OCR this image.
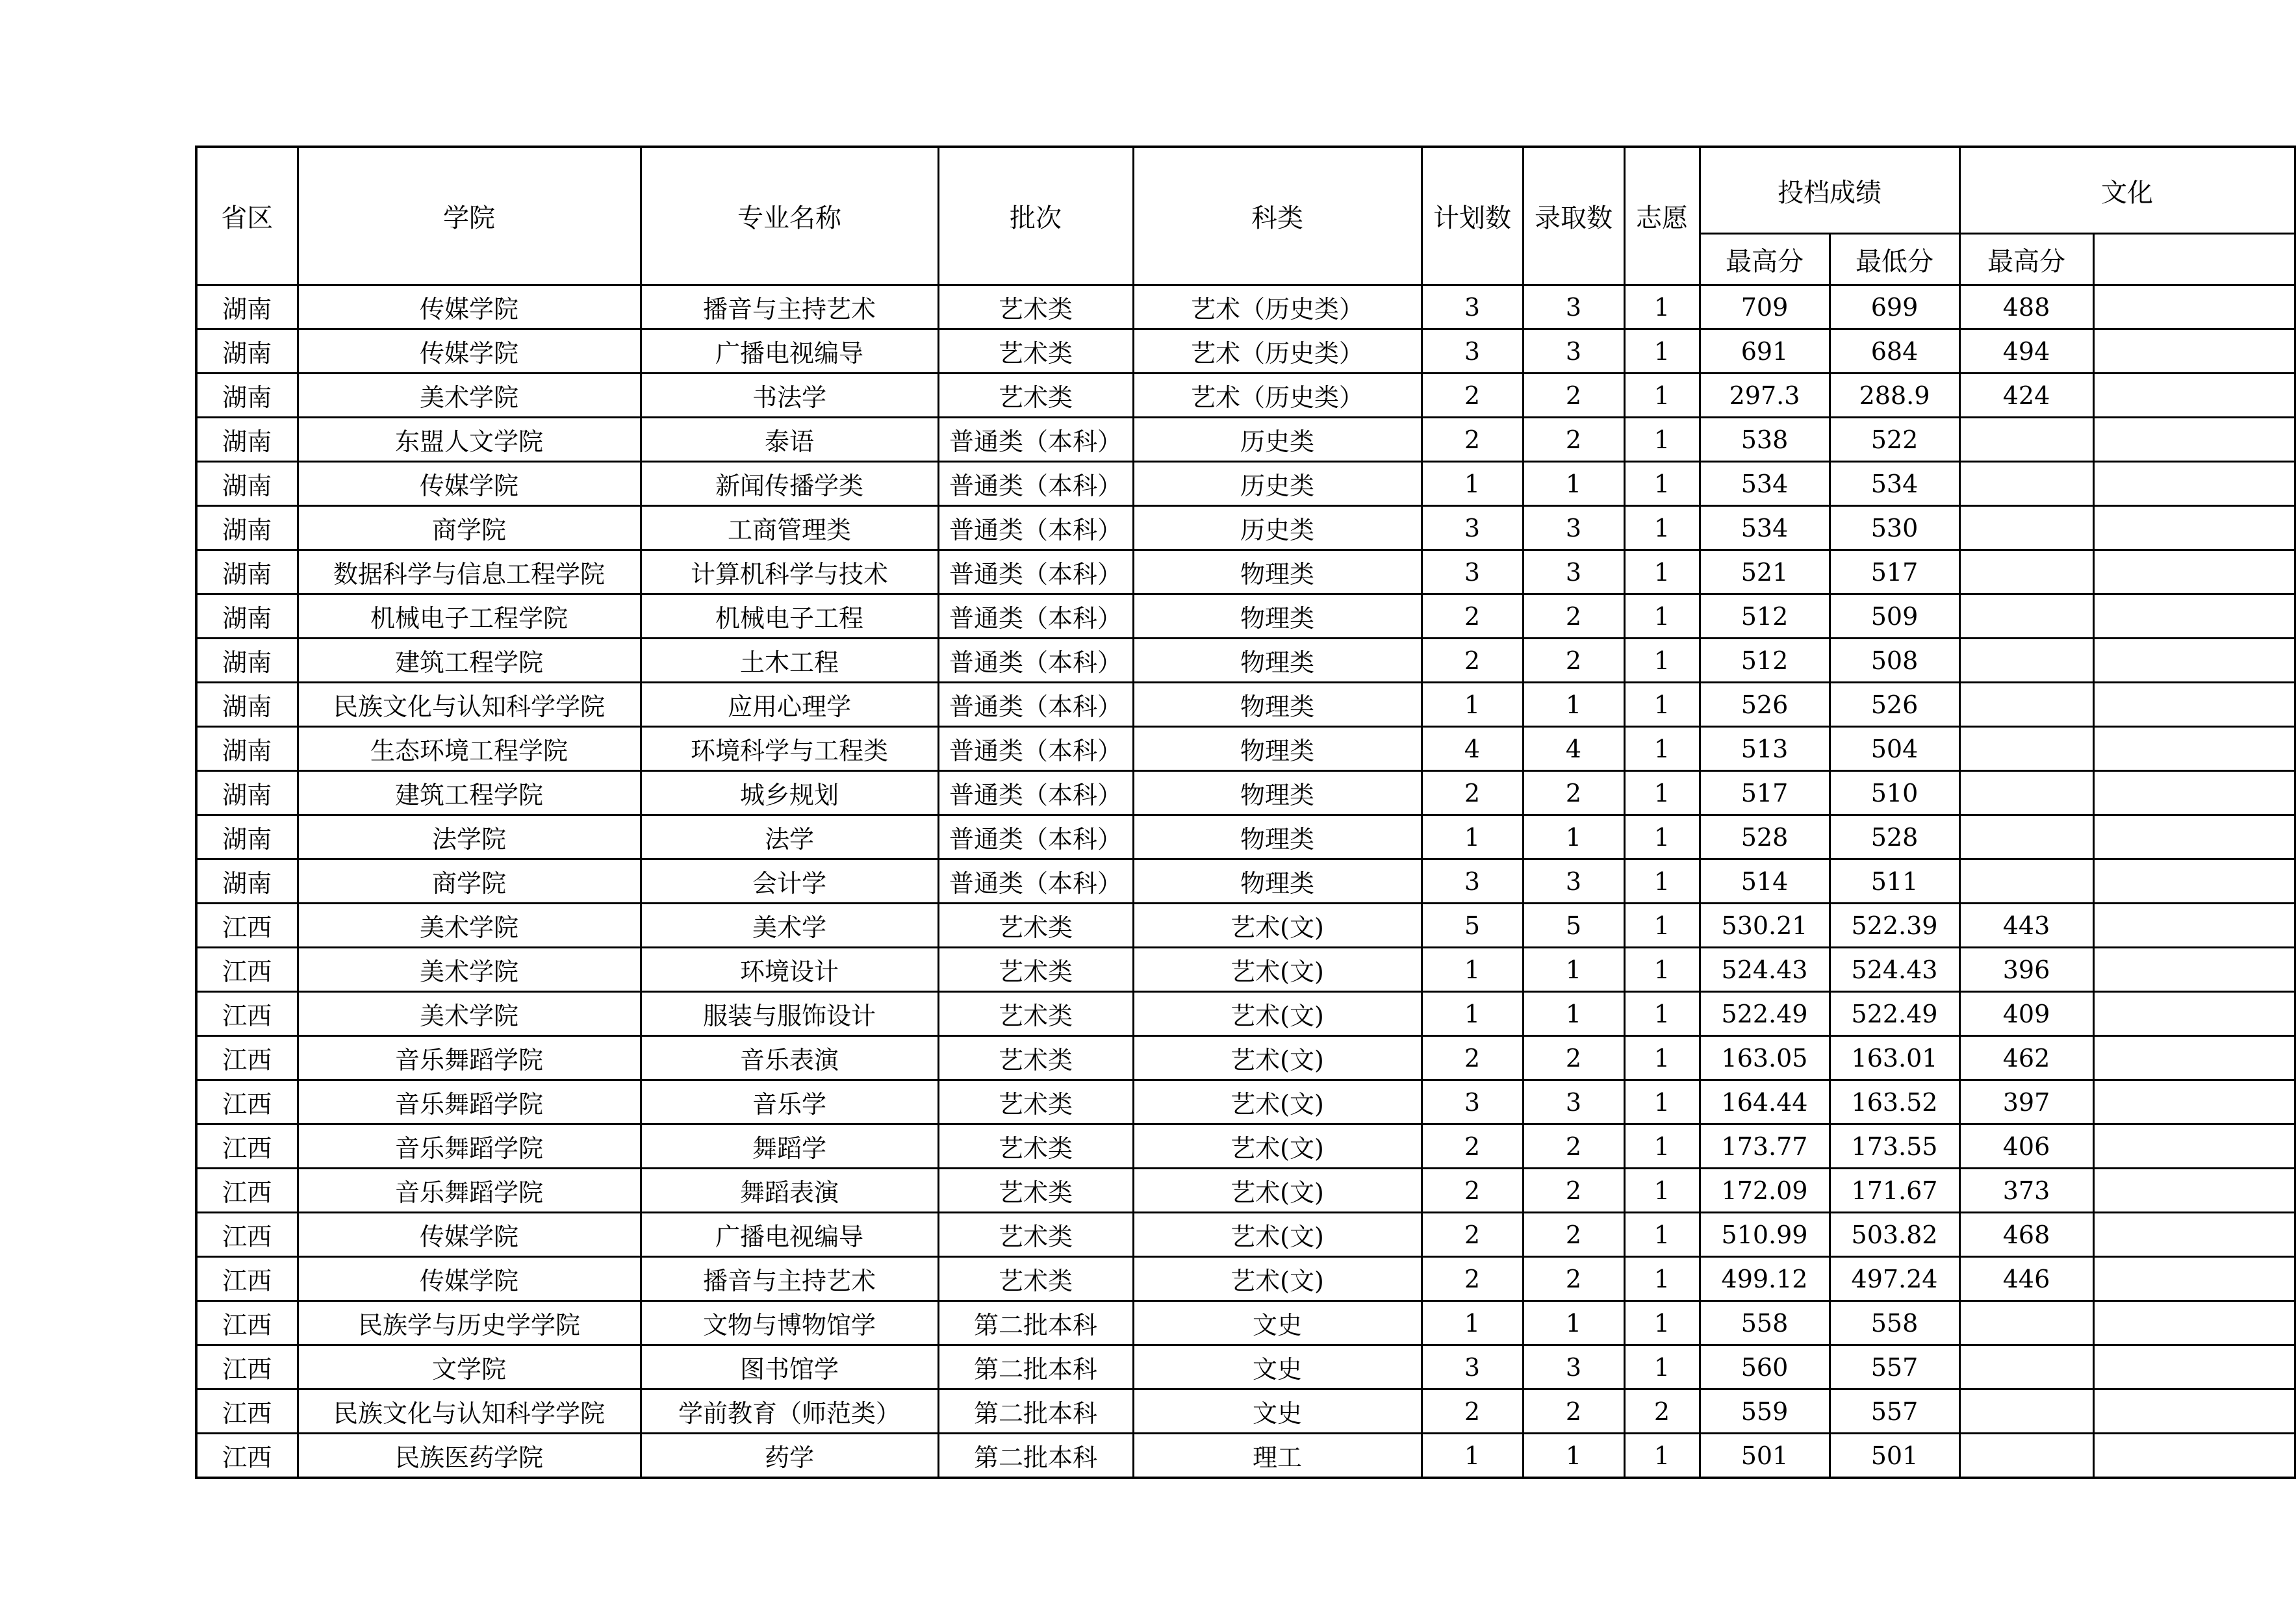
省区	学院	专业名称	批次	科类	计划数	录取数	志愿	投档成绩		文化	
								最高分	最低分	最高分	
湖南	传媒学院	播音与主持艺术	艺术类	艺术（历史类）	3	3	1	709	699	488	
湖南	传媒学院	广播电视编导	艺术类	艺术（历史类）	3	3	1	691	684	494	
湖南	美术学院	书法学	艺术类	艺术（历史类）	2	2	1	297.3	288.9	424	
湖南	东盟人文学院	泰语	普通类（本科）	历史类	2	2	1	538	522		
湖南	传媒学院	新闻传播学类	普通类（本科）	历史类	1	1	1	534	534		
湖南	商学院	工商管理类	普通类（本科）	历史类	3	3	1	534	530		
湖南	数据科学与信息工程学院	计算机科学与技术	普通类（本科）	物理类	3	3	1	521	517		
湖南	机械电子工程学院	机械电子工程	普通类（本科）	物理类	2	2	1	512	509		
湖南	建筑工程学院	土木工程	普通类（本科）	物理类	2	2	1	512	508		
湖南	民族文化与认知科学学院	应用心理学	普通类（本科）	物理类	1	1	1	526	526		
湖南	生态环境工程学院	环境科学与工程类	普通类（本科）	物理类	4	4	1	513	504		
湖南	建筑工程学院	城乡规划	普通类（本科）	物理类	2	2	1	517	510		
湖南	法学院	法学	普通类（本科）	物理类	1	1	1	528	528		
湖南	商学院	会计学	普通类（本科）	物理类	3	3	1	514	511		
江西	美术学院	美术学	艺术类	艺术(文)	5	5	1	530.21	522.39	443	
江西	美术学院	环境设计	艺术类	艺术(文)	1	1	1	524.43	524.43	396	
江西	美术学院	服装与服饰设计	艺术类	艺术(文)	1	1	1	522.49	522.49	409	
江西	音乐舞蹈学院	音乐表演	艺术类	艺术(文)	2	2	1	163.05	163.01	462	
江西	音乐舞蹈学院	音乐学	艺术类	艺术(文)	3	3	1	164.44	163.52	397	
江西	音乐舞蹈学院	舞蹈学	艺术类	艺术(文)	2	2	1	173.77	173.55	406	
江西	音乐舞蹈学院	舞蹈表演	艺术类	艺术(文)	2	2	1	172.09	171.67	373	
江西	传媒学院	广播电视编导	艺术类	艺术(文)	2	2	1	510.99	503.82	468	
江西	传媒学院	播音与主持艺术	艺术类	艺术(文)	2	2	1	499.12	497.24	446	
江西	民族学与历史学学院	文物与博物馆学	第二批本科	文史	1	1	1	558	558		
江西	文学院	图书馆学	第二批本科	文史	3	3	1	560	557		
江西	民族文化与认知科学学院	学前教育（师范类）	第二批本科	文史	2	2	2	559	557		
江西	民族医药学院	药学	第二批本科	理工	1	1	1	501	501		
